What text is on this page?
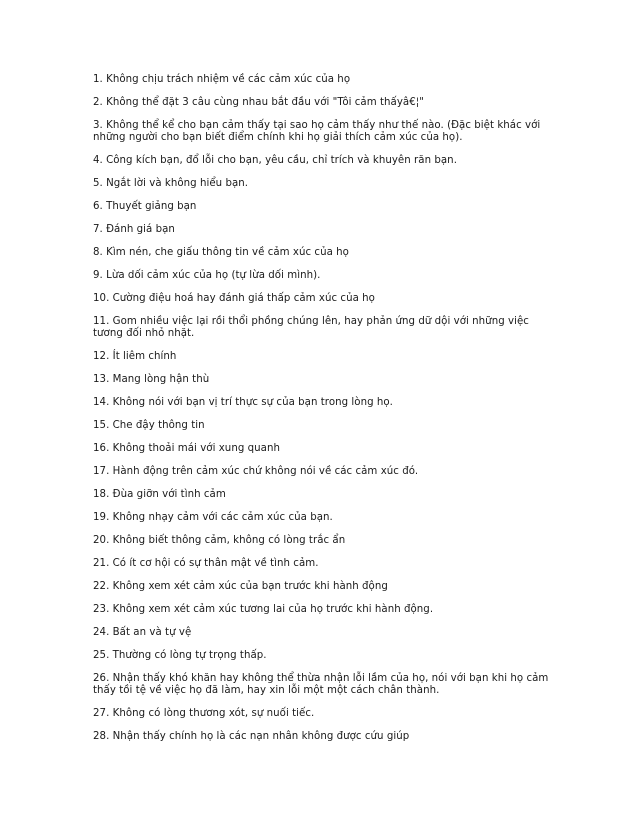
1. Không chịu trách nhiệm về các cảm xúc của họ
2. Không thể đặt 3 câu cùng nhau bắt đầu với "Tôi cảm thấyâ€¦"
3. Không thể kể cho bạn cảm thấy tại sao họ cảm thấy như thế nào. (Đặc biệt khác với những người cho bạn biết điểm chính khi họ giải thích cảm xúc của họ).
4. Công kích bạn, đổ lỗi cho bạn, yêu cầu, chỉ trích và khuyên răn bạn.
5. Ngắt lời và không hiểu bạn.
6. Thuyết giảng bạn
7. Đánh giá bạn
8. Kìm nén, che giấu thông tin về cảm xúc của họ
9. Lừa dối cảm xúc của họ (tự lừa dối mình).
10. Cường điệu hoá hay đánh giá thấp cảm xúc của họ
11. Gom nhiều việc lại rồi thổi phồng chúng lên, hay phản ứng dữ dội với những việc tương đối nhỏ nhặt.
12. Ít liêm chính
13. Mang lòng hận thù
14. Không nói với bạn vị trí thực sự của bạn trong lòng họ.
15. Che đậy thông tin
16. Không thoải mái với xung quanh
17. Hành động trên cảm xúc chứ không nói về các cảm xúc đó.
18. Đùa giỡn với tình cảm
19. Không nhạy cảm với các cảm xúc của bạn.
20. Không biết thông cảm, không có lòng trắc ẩn
21. Có ít cơ hội có sự thân mật về tình cảm.
22. Không xem xét cảm xúc của bạn trước khi hành động
23. Không xem xét cảm xúc tương lai của họ trước khi hành động.
24. Bất an và tự vệ
25. Thường có lòng tự trọng thấp.
26. Nhận thấy khó khăn hay không thể thừa nhận lỗi lầm của họ, nói với bạn khi họ cảm thấy tồi tệ về việc họ đã làm, hay xin lỗi một một cách chân thành.
27. Không có lòng thương xót, sự nuối tiếc.
28. Nhận thấy chính họ là các nạn nhân không được cứu giúp
